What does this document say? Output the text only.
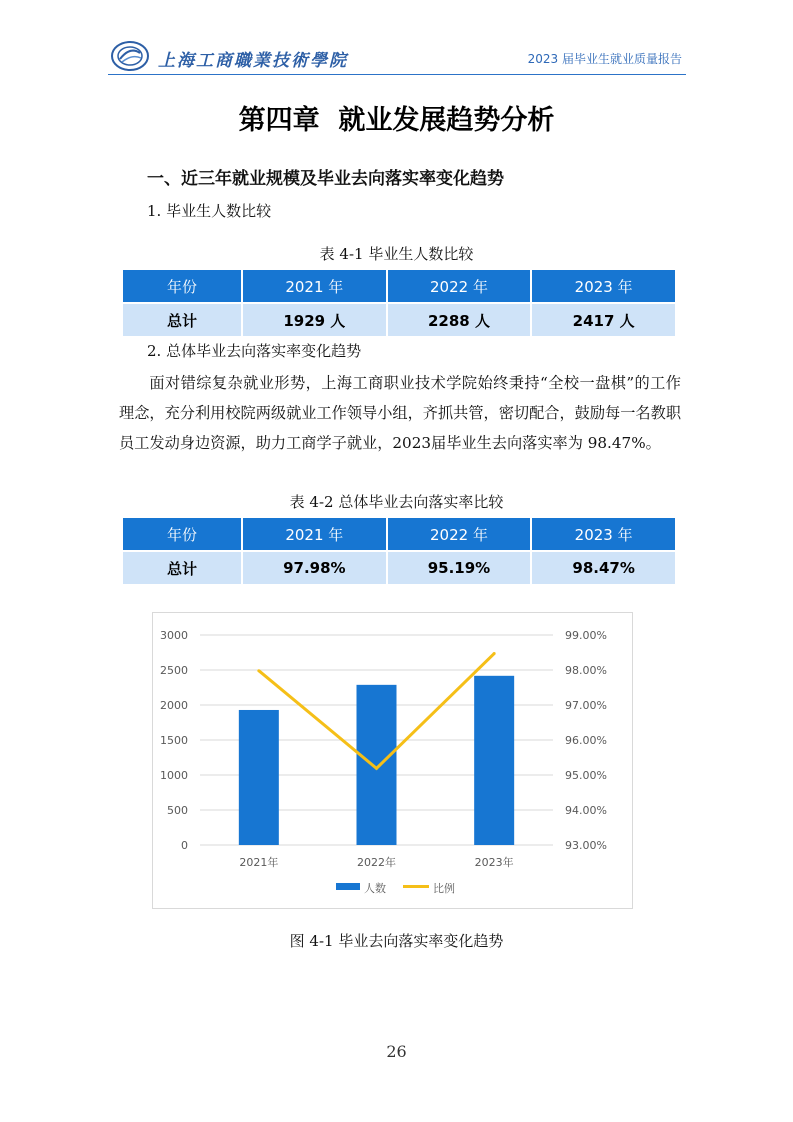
上海工商職業技術學院	2023 届毕业生就业质量报告
第四章  就业发展趋势分析
一、近三年就业规模及毕业去向落实率变化趋势
1. 毕业生人数比较
表 4-1 毕业生人数比较
年份	2021 年	2022 年	2023 年
总计	1929 人	2288 人	2417 人
2. 总体毕业去向落实率变化趋势
面对错综复杂就业形势，上海工商职业技术学院始终秉持“全校一盘棋”的工作理念，充分利用校院两级就业工作领导小组，齐抓共管，密切配合，鼓励每一名教职员工发动身边资源，助力工商学子就业，2023届毕业生去向落实率为 98.47%。
表 4-2 总体毕业去向落实率比较
年份	2021 年	2022 年	2023 年
总计	97.98%	95.19%	98.47%
0
500
1000
1500
2000
2500
3000
93.00%
94.00%
95.00%
96.00%
97.00%
98.00%
99.00%
2021年	2022年	2023年
人数	比例
图 4-1 毕业去向落实率变化趋势
26
